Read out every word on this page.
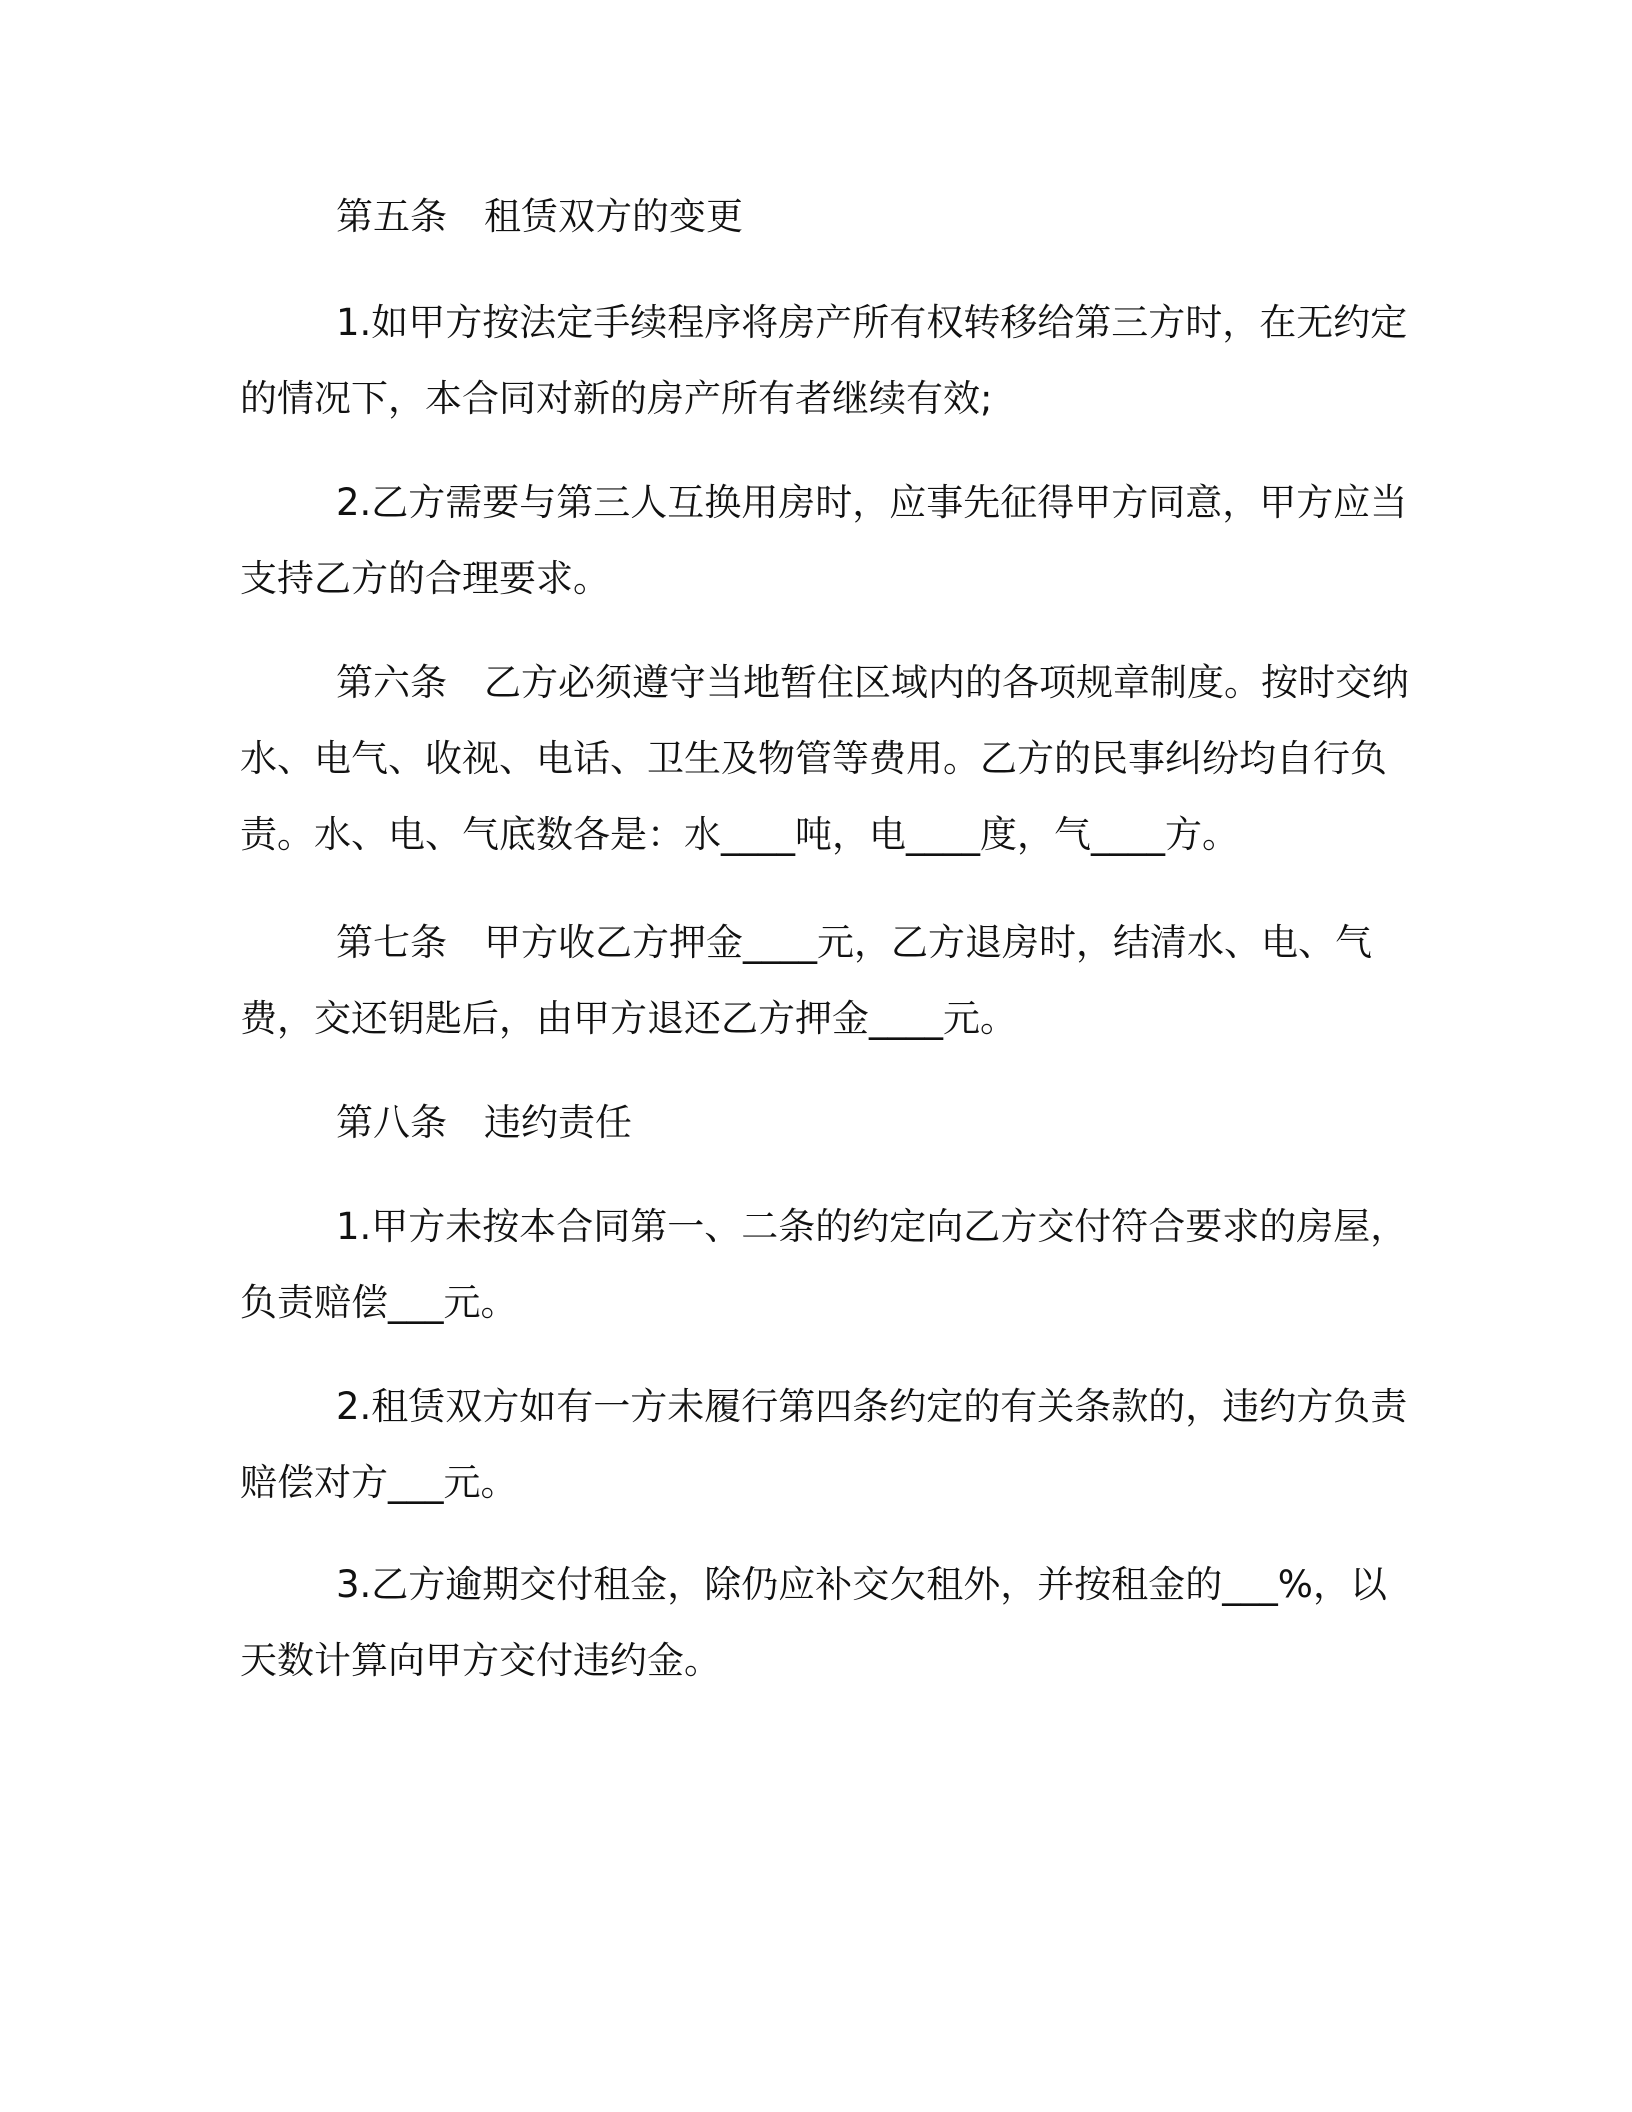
第五条　租赁双方的变更

1.如甲方按法定手续程序将房产所有权转移给第三方时，在无约定的情况下，本合同对新的房产所有者继续有效;

2.乙方需要与第三人互换用房时，应事先征得甲方同意，甲方应当支持乙方的合理要求。

第六条　乙方必须遵守当地暂住区域内的各项规章制度。按时交纳水、电气、收视、电话、卫生及物管等费用。乙方的民事纠纷均自行负责。水、电、气底数各是：水____吨，电____度，气____方。

第七条　甲方收乙方押金____元，乙方退房时，结清水、电、气费，交还钥匙后，由甲方退还乙方押金____元。

第八条　违约责任

1.甲方未按本合同第一、二条的约定向乙方交付符合要求的房屋，负责赔偿___元。

2.租赁双方如有一方未履行第四条约定的有关条款的，违约方负责赔偿对方___元。

3.乙方逾期交付租金，除仍应补交欠租外，并按租金的___%，以天数计算向甲方交付违约金。
